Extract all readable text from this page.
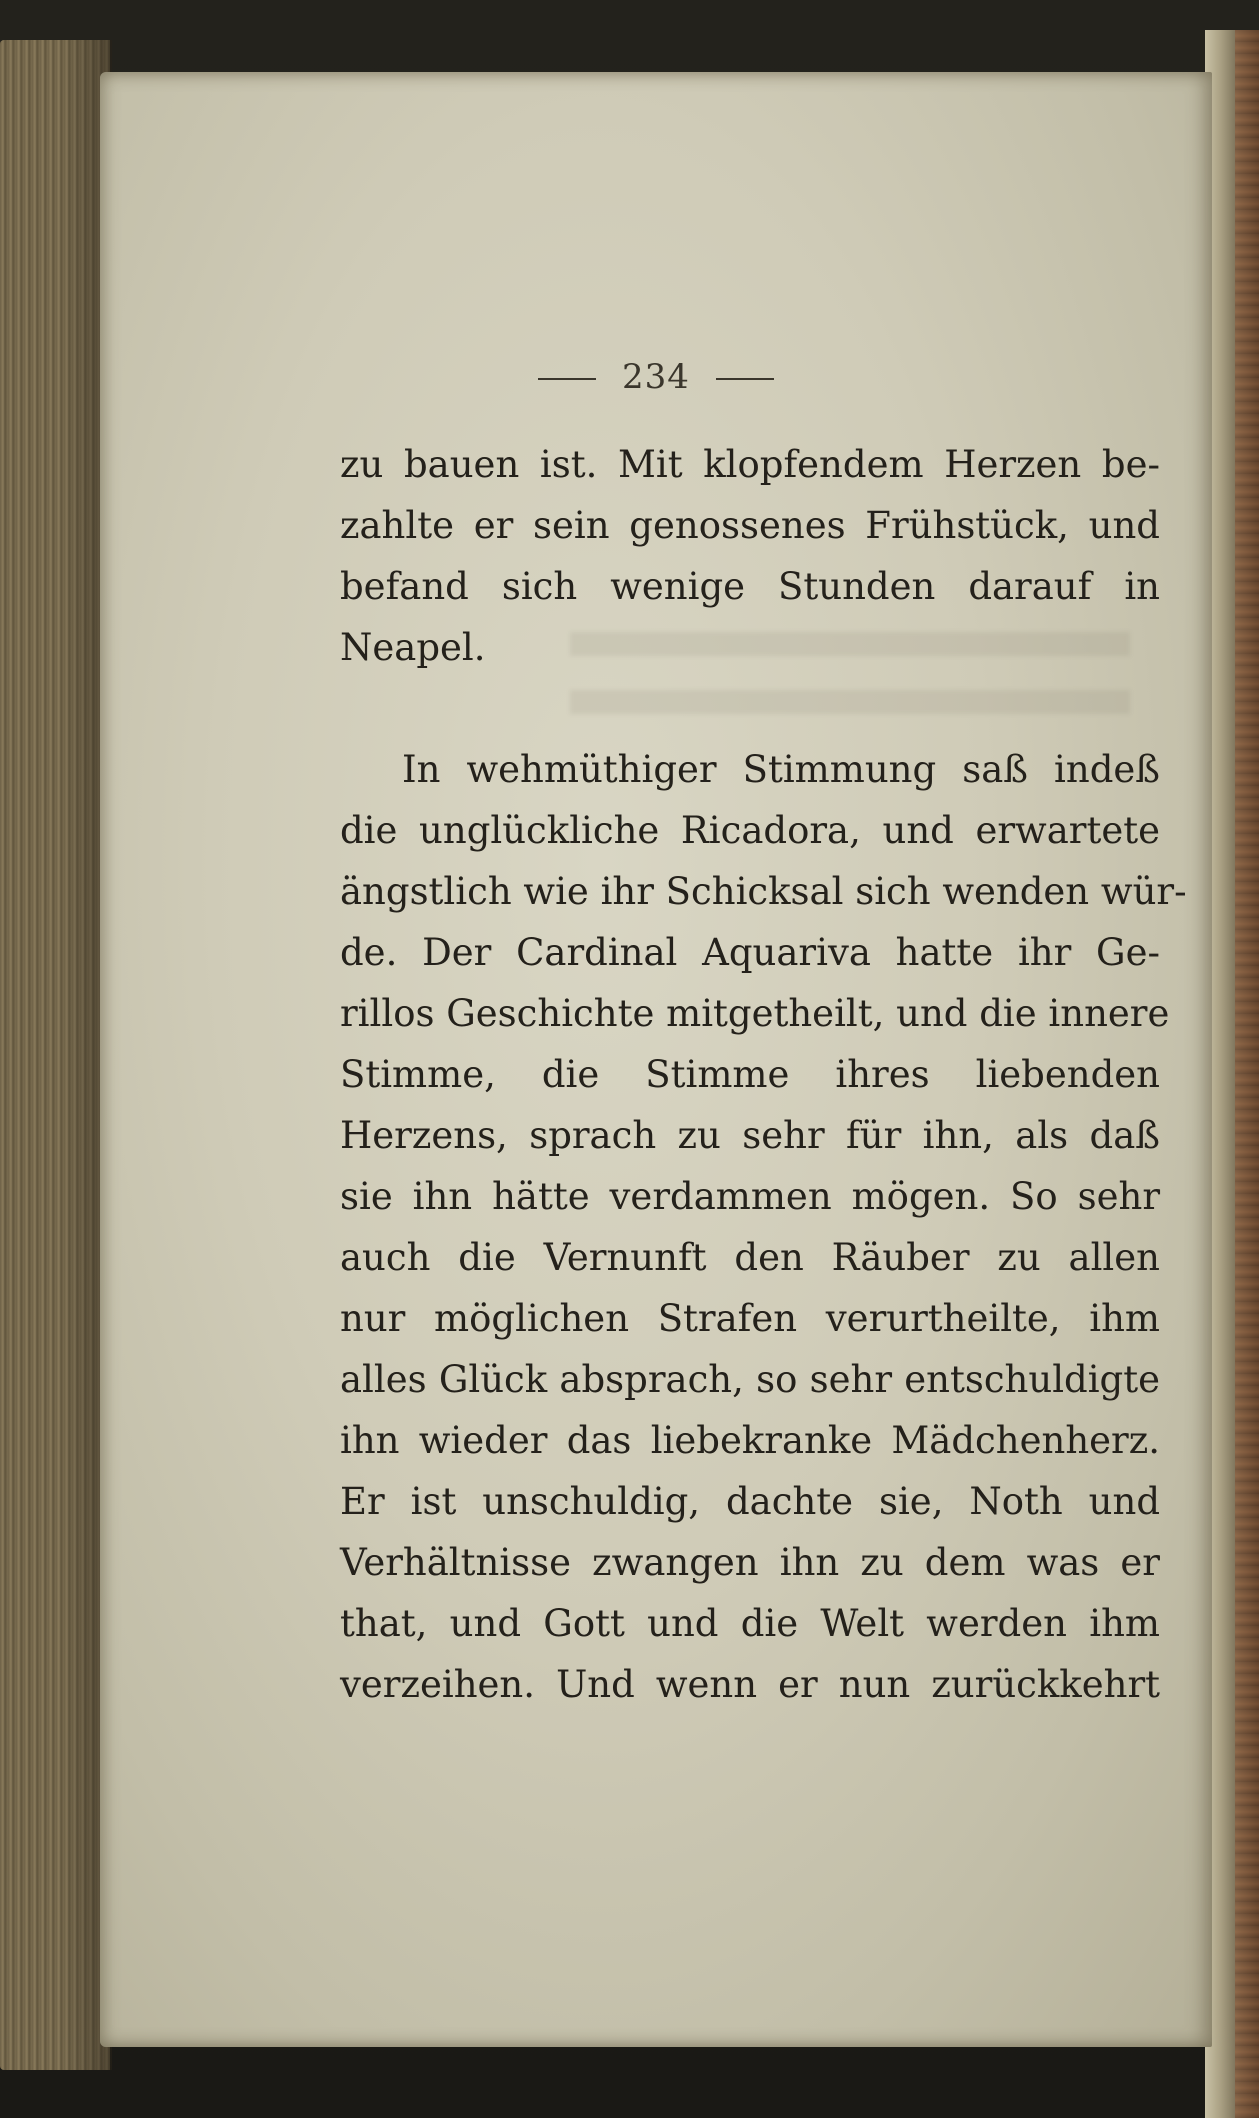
234
zu bauen ist. Mit klopfendem Herzen be-
zahlte er sein genossenes Frühstück, und
befand sich wenige Stunden darauf in
Neapel.
In wehmüthiger Stimmung saß indeß
die unglückliche Ricadora, und erwartete
ängstlich wie ihr Schicksal sich wenden wür-
de. Der Cardinal Aquariva hatte ihr Ge-
rillos Geschichte mitgetheilt, und die innere
Stimme, die Stimme ihres liebenden
Herzens, sprach zu sehr für ihn, als daß
sie ihn hätte verdammen mögen. So sehr
auch die Vernunft den Räuber zu allen
nur möglichen Strafen verurtheilte, ihm
alles Glück absprach, so sehr entschuldigte
ihn wieder das liebekranke Mädchenherz.
Er ist unschuldig, dachte sie, Noth und
Verhältnisse zwangen ihn zu dem was er
that, und Gott und die Welt werden ihm
verzeihen. Und wenn er nun zurückkehrt
